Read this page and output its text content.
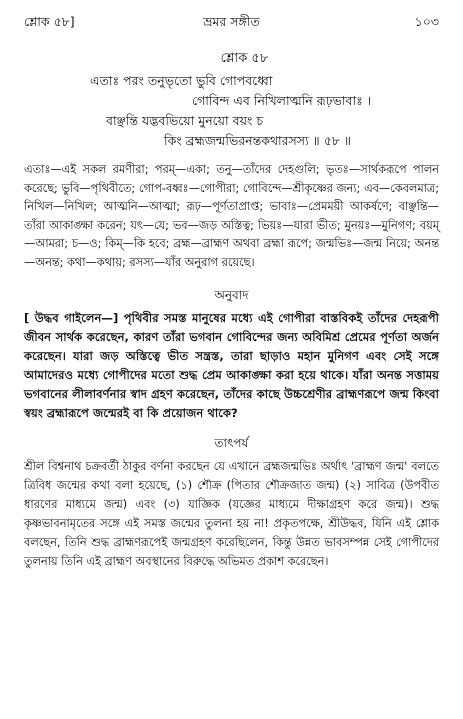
শ্লোক ৫৮]	ভ্রমর সঙ্গীত	১০৩
শ্লোক ৫৮
এতাঃ পরং তনুভৃতো ভুবি গোপবধ্বো
গোবিন্দ এব নিখিলাত্মনি রূঢ়ভাবাঃ ।
বাঞ্ছন্তি যদ্ভবভিয়ো মুনয়ো বয়ং চ
কিং ব্রহ্মজন্মভিরনন্তকথারসস্য ॥ ৫৮ ॥
এতাঃ—এই সকল রমণীরা; পরম্—একা; তনু—তাঁদের দেহগুলি; ভৃতঃ—সার্থকরূপে পালন করেছে; ভুবি—পৃথিবীতে; গোপ-বধ্বঃ—গোপীরা; গোবিন্দে—শ্রীকৃষ্ণের জন্য; এব—কেবলমাত্র; নিখিল—নিখিল; আত্মনি—আত্মা; রূঢ়—পূর্ণতাপ্রাপ্ত; ভাবাঃ—প্রেমময়ী আকর্ষণে; বাঞ্ছন্তি—তাঁরা আকাঙ্ক্ষা করেন; যৎ—যে; ভব—জড় অস্তিত্ব; ভিয়ঃ—যারা ভীত; মুনয়ঃ—মুনিগণ; বয়ম্—আমরা; চ—ও; কিম্—কি হবে; ব্রহ্ম—ব্রাহ্মণ অথবা ব্রহ্মা রূপে; জন্মভিঃ—জন্ম নিয়ে; অনন্ত—অনন্ত; কথা—কথায়; রসস্য—যাঁর অনুরাগ রয়েছে।
অনুবাদ
[ উদ্ধব গাইলেন—] পৃথিবীর সমস্ত মানুষের মধ্যে এই গোপীরা বাস্তবিকই তাঁদের দেহরূপী জীবন সার্থক করেছেন, কারণ তাঁরা ভগবান গোবিন্দের জন্য অবিমিশ্র প্রেমের পূর্ণতা অর্জন করেছেন। যারা জড় অস্তিত্বে ভীত সন্ত্রস্ত, তারা ছাড়াও মহান মুনিগণ এবং সেই সঙ্গে আমাদেরও মধ্যে গোপীদের মতো শুদ্ধ প্রেম আকাঙ্ক্ষা করা হয়ে থাকে। যাঁরা অনন্ত সত্তাময় ভগবানের লীলাবর্ণনার স্বাদ গ্রহণ করেছেন, তাঁদের কাছে উচ্চশ্রেণীর ব্রাহ্মণরূপে জন্ম কিংবা স্বয়ং ব্রহ্মারূপে জন্মেরই বা কি প্রয়োজন থাকে?
তাৎপর্য
শ্রীল বিশ্বনাথ চক্রবর্তী ঠাকুর বর্ণনা করছেন যে এখানে ব্রহ্মজন্মভিঃ অর্থাৎ 'ব্রাহ্মণ জন্ম' বলতে ত্রিবিধ জন্মের কথা বলা হয়েছে, (১) শৌক্র (পিতার শৌক্রজাত জন্ম) (২) সাবিত্র (উপবীত ধারণের মাধ্যমে জন্ম) এবং (৩) যাজ্ঞিক (যজ্ঞের মাধ্যমে দীক্ষাগ্রহণ করে জন্ম)। শুদ্ধ কৃষ্ণভাবনামৃতের সঙ্গে এই সমস্ত জন্মের তুলনা হয় না! প্রকৃতপক্ষে, শ্রীউদ্ধব, যিনি এই শ্লোক বলছেন, তিনি শুদ্ধ ব্রাহ্মণরূপেই জন্মগ্রহণ করেছিলেন, কিন্তু উন্নত ভাবসম্পন্ন সেই গোপীদের তুলনায় তিনি এই ব্রাহ্মণ অবস্থানের বিরুদ্ধে অভিমত প্রকাশ করেছেন।
